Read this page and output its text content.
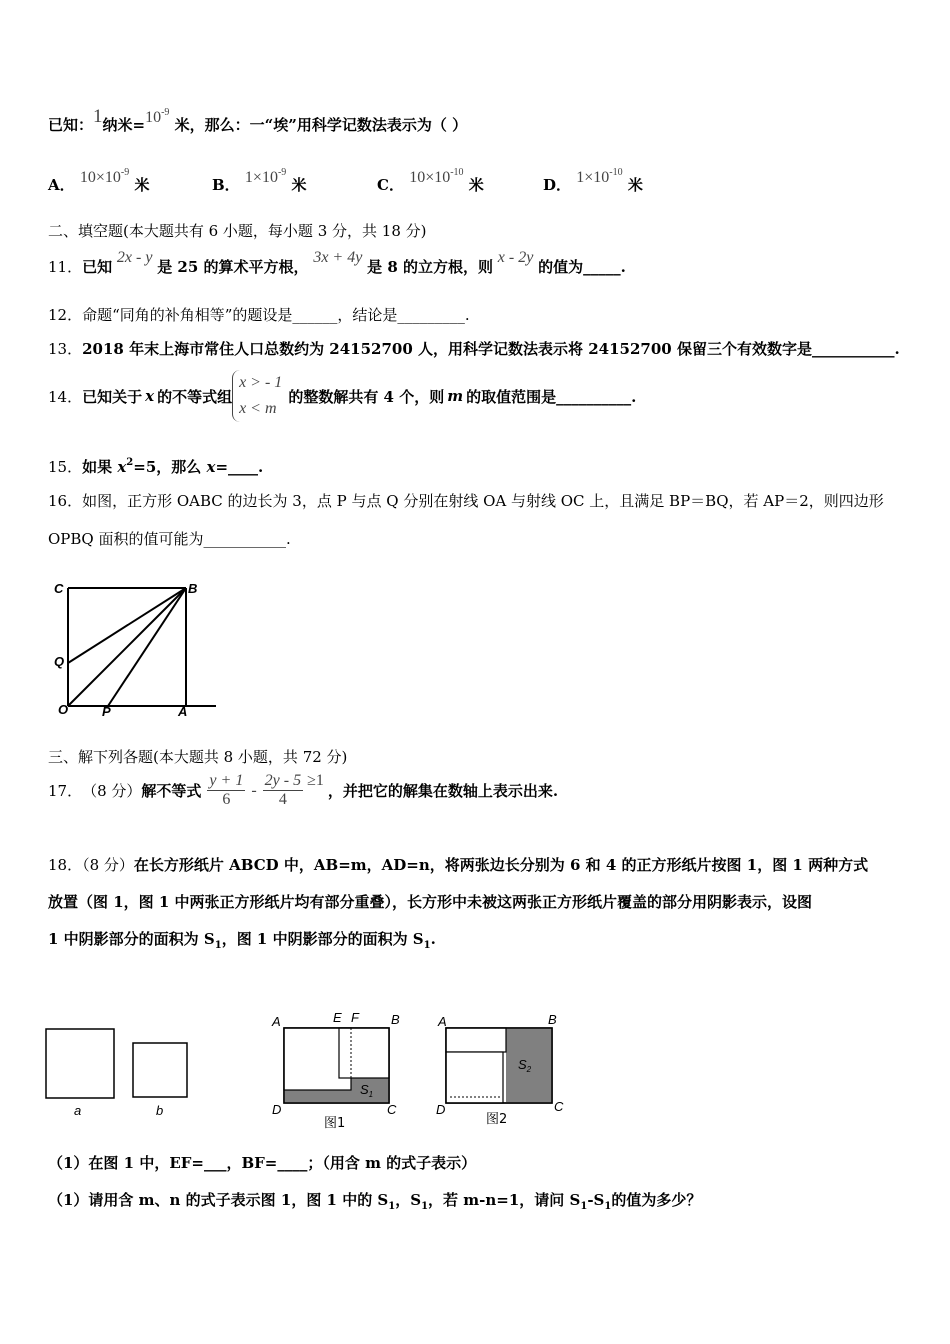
已知：1纳米$=10^{-9}$ 米，那么：一“埃”用科学记数法表示为（ ）
A． $10\times 10^{-9}$ 米	B． $1\times 10^{-9}$ 米	C． $10\times 10^{-10}$ 米	D． $1\times 10^{-10}$ 米
二、填空题(本大题共有 6 小题，每小题 3 分，共 18 分)
11．已知 2x - y 是 25 的算术平方根， 3x + 4y 是 8 的立方根，则 x - 2y 的值为_____.
12．命题“同角的补角相等”的题设是______，结论是_________.
13．2018 年末上海市常住人口总数约为 24152700 人，用科学记数法表示将 24152700 保留三个有效数字是___________.
14． 已知关于 x 的不等式组
x > - 1
x < m
的整数解共有 4 个，则 m 的取值范围是__________.
15．如果 $x^2=5$，那么 x=____.
16．如图，正方形 OABC 的边长为 3，点 P 与点 Q 分别在射线 OA 与射线 OC 上，且满足 BP＝BQ，若 AP＝2，则四边形
OPBQ 面积的值可能为___________.
C	B
Q
O	P	A
三、解下列各题(本大题共 8 小题，共 72 分)
17． （8 分） 解不等式 $\frac{y + 1}{6} - \frac{2y - 5}{4} \ge 1$
，并把它的解集在数轴上表示出来.
18．（8 分）在长方形纸片 ABCD 中，AB=m，AD=n，将两张边长分别为 6 和 4 的正方形纸片按图 1，图 1 两种方式
放置（图 1，图 1 中两张正方形纸片均有部分重叠），长方形中未被这两张正方形纸片覆盖的部分用阴影表示，设图
1 中阴影部分的面积为 $S_1$，图 1 中阴影部分的面积为 $S_1$.
a	b
A	E F B
D	C
$S_1$
图1
A	B
D	C
$S_2$
图2
（1）在图 1 中，EF=___，BF=____；（用含 m 的式子表示）
（1）请用含 m、n 的式子表示图 1，图 1 中的 $S_1$，$S_1$，若 m-n=1，请问 $S_1-S_1$的值为多少？
